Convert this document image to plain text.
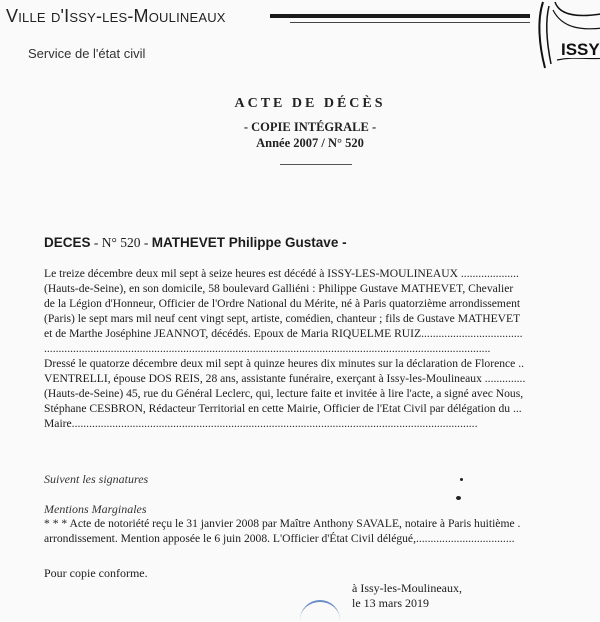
Ville d'Issy-les-Moulineaux
Service de l'état civil	ISSY
ACTE DE DÉCÈS
- COPIE INTÉGRALE -
Année 2007 / N° 520
DECES - N° 520 - MATHEVET Philippe Gustave -
Le treize décembre deux mil sept à seize heures est décédé à ISSY-LES-MOULINEAUX ....................
(Hauts-de-Seine), en son domicile, 58 boulevard Galliéni : Philippe Gustave MATHEVET, Chevalier
de la Légion d'Honneur, Officier de l'Ordre National du Mérite, né à Paris quatorzième arrondissement
(Paris) le sept mars mil neuf cent vingt sept, artiste, comédien, chanteur ; fils de Gustave MATHEVET
et de Marthe Joséphine JEANNOT, décédés. Epoux de Maria RIQUELME RUIZ...................................
..........................................................................................................................................................
Dressé le quatorze décembre deux mil sept à quinze heures dix minutes sur la déclaration de Florence ..
VENTRELLI, épouse DOS REIS, 28 ans, assistante funéraire, exerçant à Issy-les-Moulineaux ..............
(Hauts-de-Seine) 45, rue du Général Leclerc, qui, lecture faite et invitée à lire l'acte, a signé avec Nous,
Stéphane CESBRON, Rédacteur Territorial en cette Mairie, Officier de l'Etat Civil par délégation du ...
Maire............................................................................................................................................
Suivent les signatures
Mentions Marginales
* * * Acte de notoriété reçu le 31 janvier 2008 par Maître Anthony SAVALE, notaire à Paris huitième .
arrondissement. Mention apposée le 6 juin 2008. L'Officier d'État Civil délégué,..................................
Pour copie conforme.
à Issy-les-Moulineaux,
le 13 mars 2019
